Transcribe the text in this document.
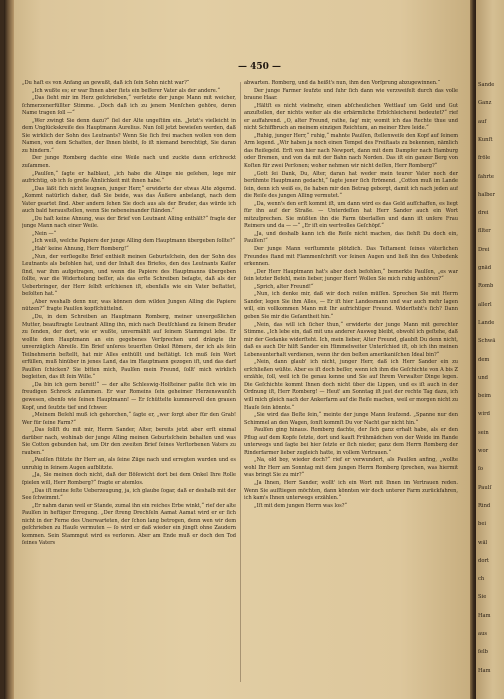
— 450 —

„Du haſt es von Anfang an gewußt, daß ich ſein Sohn nicht war?“

„Ich wußte es; er war Ihnen aber ſtets ein beſſerer Vater als der andere.“

„Das ſieht mir im Herz geſchrieben,“ verſetzte der junge Mann mit weicher, ſchmerzenerfüllter Stimme. „Doch daß ich zu jenem Menſchen gehöre, deren Name tragen ſoll —“

„Wer zwingt Sie denn dazu?“ ſiel der Alte ungeſtüm ein. „Jetzt's vielleicht in dem Unglückskreiſe des Hauptmann Aurelius. Nun ſoll jetzt bewieſen werden, daß Sie wirklich der Sohn des Leutnants? Wenn Sie ſich frei machen wollen von dem Namen, von dem Schatten, der Ihnen bleibt, ſo iſt niemand berechtigt, Sie daran zu hindern.“

Der junge Romberg dachte eine Weile nach und zuckte dann erſchreckt zuſammen.

„Paulſen,“ ſagte er halblaut, „ich habe die Alinge nie geſehen, lege mir aufrichtig, ob ich ſo große Ähnlichkeit mit ihnen habe.“

„Das läßt ſich nicht leugnen, junger Herr,“ erwiderte der etwas Alte zögernd. „Kommt natürlich daher, daß Sie beide, was das Äußere anbelangt, nach dem Vater geartet ſind. Aber andern ſehen Sie doch aus als der Bruder, das würde ich auch bald herausſtellen, wenn Sie nebeneinander ſtänden.“

„Du haſt keine Ahnung, was der Brief von Leutnant Alling enthält?“ fragte der junge Mann nach einer Weile.

„Nein —“

„Ich weiß, welche Papiere der junge Alling dem Hauptmann übergeben ſollte?“

„Hab' keine Ahnung, Herr Romberg!“

„Nun, der verſiegelte Brief enthielt meinen Geburtsſchein, den der Sohn des Leutnants als beſohlen hat, und der Inhalt des Briefes, den des Leutnants Kaiſer ſind, war ihm aufgetragen, und wenn die Papiere des Hauptmanns übergeben ſollte, war die Widerholung beſſer, als das erſte Schreiben beſagte, daß als der Ueberbringer, der Herr ſelbſt erſchienen iſt, ebenfalls wie ein Vater beſtattet, beſolten hat.“

„Aber weshalb denn nur, was können dem wilden Jungen Alling die Papiere nützen?“ fragte Paulſen kopfſchüttelnd.

„Du, in dem Schreiben an Hauptmann Romberg, meiner unvergeßlichen Mutter, beauftragte Leutnant Alling ihn, mich nach Deutſchland zu ſeinem Bruder zu ſenden, der dort, wie er wußte, unvermählt auf ſeinem Stammgut lebe. Er wollte dem Hauptmann an ein gegebenes Verſprechen und drängte ihr unverzüglich Abreiſe. Ein Brief unſeres teuerſten Onkel Römers, der ich als ſein Teilnehmerin beſtellt, hat mir Alles enthüllt und beſtätigt. Ich muß ſein Wort erfüllen, muß hinüber in jenes Land, das im Hauptmann gezogen iſt, und das darf Paulſen ſchicken? Sie bitten mich, Paulſen mein Freund, ſollt' mich wirklich begleiten, das iſt ſein Wille.“

„Da bin ich gern bereit!“ — der alte Schleswig-Holſteiner paßte ſich wie im freudigen Schreck zuſammen. Er war Romeins ſein geheimer Herzenswunſch gewesen, ebenſo wie ſeinen Hauptmann! — Er ſchüttelte kummervoll den grauen Kopf, und ſeufzte tief und ſchwer.

„Meinem Beſehl muß ich gehorchen,“ ſagte er, „wer ſorgt aber für den Grab! Wer für ſeine Farm?“

„Das ſollſt du mit mir, Herrn Sander, Alter, bereits jetzt aber erſt einmal darüber nach, wohinab der junge Alling meinen Geburtsſchein behalten und was Sie Cotton gebunden hat, um Dir den zweiten Brief ſeines Verſtorbenen Vaters zu rauben.“

„Paulſen ſtützte ihr Herr an, als ſeine Züge nach und erregten wurden und es unruhig in ſeinem Augen aufblitzte.

„Ja, Sie meinen doch nicht, daß der Böſewicht dort bei dem Onkel Ihre Rolle ſpielen will, Herr Romberg?“ fragte er atemlos.

„Das iſt meine feſte Ueberzeugung, ja, ich glaube ſogar, daß er deshalb mit der See ſchwimmt.“

„Er nahm daran weil er Stande, zumal ihn ein reiches Erbe winkt,“ rief der alte Paulſen in heftiger Erregung. „Der ſtreng Drechſeln Aamat Aamat wird er er ſich nicht in der Ferne des Unerwarteten, der ſchon lang betrogen, denn wen wir dem geſchrieben zu Hauſe vermuten — ſo wird er daß wieder ein jüngſt ohne Zaudern kommen. Sein Stammgut wird es verloren. Aber am Ende muß er doch den Tod ſeines Vaters

abwarten. Romberg, und da heißt's nun, ihm den Vorſprung abzugewinnen.“

Der junge Farmer ſeufzte und ſuhr ſich dann wie verzweifelt durch das volle braune Haar.

„Hältſt es nicht vielmehr, einen abſcheulichen Wettlauf um Geld und Gut anzuſtellen, der nichts weiter als die erbärmliche Erbſchleicherei bedeutet?“ rief er auffahrend. „O, alter Freund, rathe, ſag' mir, womit ich das Rechte thue und nicht Schiffbruch an meinem einzigen Reichtum, an meiner Ehre leide.“

„Ruhig, junger Herr,“ ruhig,“ mahnte Paulſen, ſtellenweiſe den Kopf auf ſeinem Arm legend. „Wir haben ja noch einen Tempel des Freiſtaats zu bekennen, nämlich das Reiſegeld. Erſt von hier nach Newport, dann mit dem Dampfer nach Hamburg oder Bremen, und von da mit der Bahn nach Norden. Das iſt ein ganzer Berg von Koſten für zwei Perſonen; woher nehmen wir nicht deſſen, Herr Romberg?“

„Gott ſei Dank, Du, Alter, daran hat weder mein teurer Vater noch der berühmte Hauptmann gedacht,“ ſagte jener ſich ſtrömend. „Cotton muß im Lande ſein, denn ich weiß es, ſie haben mir den Betrag geborgt, damit ich nach jeden auf die Reiſe des jungen Alling vermutet.“

„Da, wenn's den erſt kommt iſt, um dann wird es das Geld aufſchaffen, es liegt für ihn auf der Straße. — Unterdeſſen hat Herr Sander auch ein Wort mitzuſprechen. Sie müßten ihn die Farm überlaſſen und dann iſt unſere Frau Reimers und da — —“ „Er iſt ein wertvolles Geſchöpf.“

„Ja, und deshalb kann ich die Reiſe nicht machen, das ſiehſt Du doch ein, Paulſen!“

Der junge Mann verſtummte plötzlich. Das Teſtament ſeines väterlichen Freundes ſtand mit Flammenſchrift vor ſeinen Augen und ließ ihn des Unbedenk erkennen.

„Der Herr Hauptmann hat's aber doch befohlen,“ bemerkte Paulſen, „es war ſein letzter Befehl, mein lieber, junger Herr! Wollen Sie mich ruhig anhören?“

„Sprich, alter Freund!“

„Nun, ich denke mir, daß wir doch reiſen müſſen. Sprechen Sie mit Herrn Sander, legen Sie ihm Alles, — Er iſt hier Landesmann und war auch mehr lagen will, ein vollkommen Mann mit Ihr aufrichtiger Freund. Widerſteht's ſich? Dann geben Sie mir die Geſamtheit hin.“

„Nein, das will ich ſicher thun,“ erwiderte der junge Mann mit gerechter Stimme. „Ich lebe ein, daß mit uns anderer Ausweg bleibt, obwohl ich geſtehe, daß mir der Gedanke widerſteht. Ich, mein lieber, Alter Freund, glaubſt Du denn nicht, daß es auch Dir hilft Sander ein Himmelweiter Unterſchied iſt, ob ich ihn meinen Lebensunterhalt verdienen, wenn ihr den beſten amerikaniſchen Ideal bin?“

„Nein, dann glaub' ich nicht, junger Herr, daß ich Herr Sander ein zu erſchließen wüßte. Aber es iſt doch beſſer, wenn ich ihm die Geſchichte von A bis Z erzähle, ſoll, weil ich ſie genau kenne und Sie auf Ihrem Verwalter Dinge legen. Die Geſchichte kommt Ihnen doch nicht über die Lippen, und es iſt auch in der Ordnung iſt, Herr Romberg! — Heut' am Sonntag iſt just der rechte Tag dazu, ich will mich gleich nach der Ankerfarm auf die Reiſe machen, weil er morgen nicht zu Hauſe ſein könnte.“

„Sie wird das Beſte ſein,“ meinte der junge Mann ſeufzend. „Spanne nur den Schimmel an den Wagen, ſonſt kommſt Du vor Nacht gar nicht hin.“

Paulſen ging hinaus. Romberg dachte, der ſich ganz erhalt habe, als er den Pflug auf dem Kopfe ſetzte, dort und kauft Frühmädchen von der Weide im Rande unterwegs und ſagte bei hier ſetzte er ſich nieder, ganz dem Herrn Romberg der Rinderfarmer lieber zugleich hatte, in vollem Vertrauen.“

„Na, old boy, wieder doch?“ rief er verwundert, als Paulſen anfing, „wollte wohl Ihr Herr am Sonntag mit dem jungen Herrn Romberg ſprechen, was hiermit was bringt Sie zu mir?“

„Ja Ihnen, Herr Sander, wollt' ich ein Wort mit Ihnen im Vertrauen reden. Wenn Sie auſſtiegen möchten, dann könnten wir doch unterer Farm zurückfahren, ich kam's Ihnen unterwegs erzählen.“

„Iſt mit dem jungen Herrn was los?“

Sande
Ganz
auf
Kunſt
fröle
fahrte
halber
drei
fllter
Drei
gnäd
Romb
allerl
Lande
Schwä
dem
und
beim
wird
sein
wor
ſo
Paulſ
Rind
bei
wäl
dort
ch
Sie
Ham
aus
ſelb
Ham
